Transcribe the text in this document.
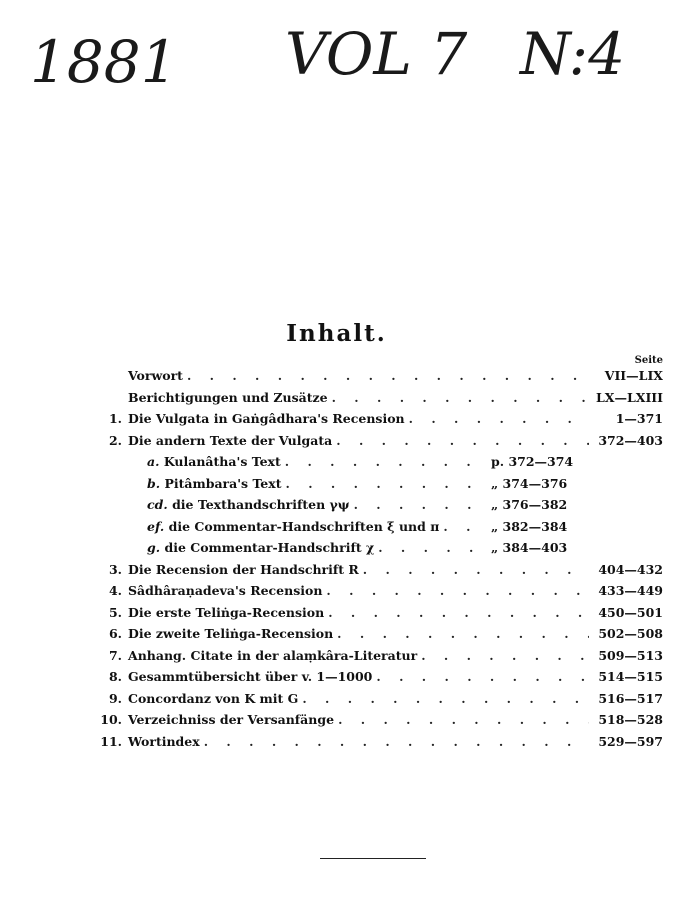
1881 VOL 7 N:4
Inhalt.
Seite
Vorwort . . .	VII—LIX
Berichtigungen und Zusätze . . .	LX—LXIII
1. Die Vulgata in Gaṅgâdhara's Recension . . .	1—371
2. Die andern Texte der Vulgata . . .	372—403
a. Kulanâtha's Text . . .	p. 372—374
b. Pitâmbara's Text . . .	„ 374—376
cd. die Texthandschriften γψ . . .	„ 376—382
ef. die Commentar-Handschriften ξ und π . . .	„ 382—384
g. die Commentar-Handschrift χ . . .	„ 384—403
3. Die Recension der Handschrift R . . .	404—432
4. Sâdhâraṇadeva's Recension . . .	433—449
5. Die erste Teliṅga-Recension . . .	450—501
6. Die zweite Teliṅga-Recension . . .	502—508
7. Anhang. Citate in der alaṃkâra-Literatur . . .	509—513
8. Gesammtübersicht über v. 1—1000 . . .	514—515
9. Concordanz von K mit G . . .	516—517
10. Verzeichniss der Versanfänge . . .	518—528
11. Wortindex . . .	529—597
